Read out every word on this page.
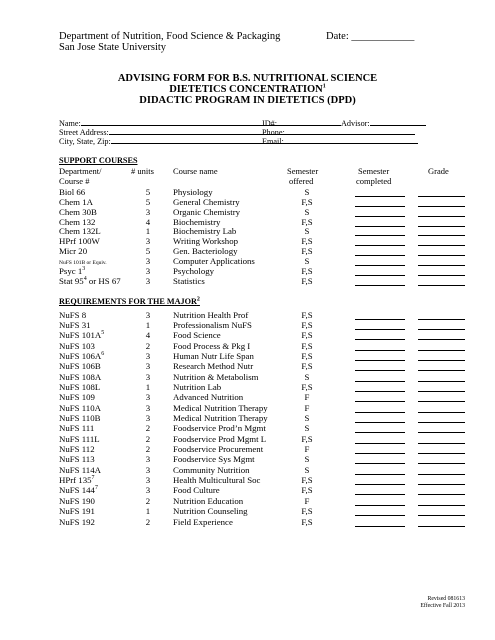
Department of Nutrition, Food Science & Packaging
San Jose State University
Date: ____________
ADVISING FORM FOR B.S. NUTRITIONAL SCIENCE
DIETETICS CONCENTRATION$^1$
DIDACTIC PROGRAM IN DIETETICS (DPD)
Name:
Street Address:
City, State, Zip:
ID#:	Advisor:
Phone:
Email:
SUPPORT COURSES
Department/
Course #
# units Course name	Semester
offered
Semester
completed
Grade
Biol 66	5	Physiology	S
Chem 1A	5	General Chemistry	F,S
Chem 30B	3	Organic Chemistry	S
Chem 132	4	Biochemistry	F,S
Chem 132L	1	Biochemistry Lab	S
HPrf 100W	3	Writing Workshop	F,S
Micr 20	5	Gen. Bacteriology	F,S
NuFS 101B or Equiv.	3	Computer Applications	S
Psyc $1^3$	3	Psychology	F,S
Stat $95^4$ or HS 67	3	Statistics	F,S
REQUIREMENTS FOR THE MAJOR$^2$
NuFS 8	3	Nutrition Health Prof	F,S
NuFS 31	1	Professionalism NuFS	F,S
NuFS $101A^5$	4	Food Science	F,S
NuFS 103	2	Food Process & Pkg I	F,S
NuFS $106A^6$	3	Human Nutr Life Span	F,S
NuFS 106B	3	Research Method Nutr	F,S
NuFS 108A	3	Nutrition & Metabolism	S
NuFS 108L	1	Nutrition Lab	F,S
NuFS 109	3	Advanced Nutrition	F
NuFS 110A	3	Medical Nutrition Therapy	F
NuFS 110B	3	Medical Nutrition Therapy	S
NuFS 111	2	Foodservice Prod’n Mgmt	S
NuFS 111L	2	Foodservice Prod Mgmt L	F,S
NuFS 112	2	Foodservice Procurement	F
NuFS 113	3	Foodservice Sys Mgmt	S
NuFS 114A	3	Community Nutrition	S
HPrf $135^7$	3	Health Multicultural Soc	F,S
NuFS $144^7$	3	Food Culture	F,S
NuFS 190	2	Nutrition Education	F
NuFS 191	1	Nutrition Counseling	F,S
NuFS 192	2	Field Experience	F,S
Revised 081613
Effective Fall 2013
